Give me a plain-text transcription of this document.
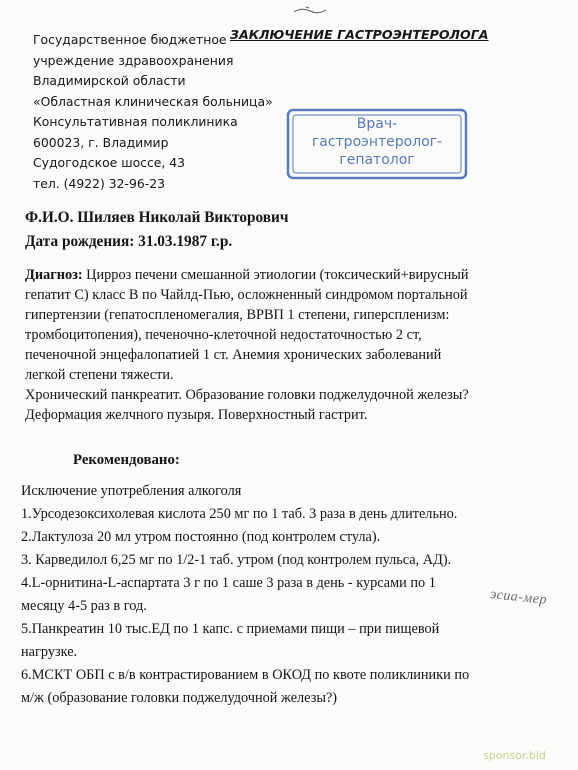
Государственное бюджетное
учреждение здравоохранения
Владимирской области
«Областная клиническая больница»
Консультативная поликлиника
600023, г. Владимир
Судогодское шоссе, 43
тел. (4922) 32-96-23
ЗАКЛЮЧЕНИЕ ГАСТРОЭНТЕРОЛОГА
Врач-
гастроэнтеролог-
гепатолог
Ф.И.О. Шиляев Николай Викторович
Дата рождения: 31.03.1987 г.р.
Диагноз: Цирроз печени смешанной этиологии (токсический+вирусный
гепатит С) класс В по Чайлд-Пью, осложненный синдромом портальной
гипертензии (гепатоспленомегалия, ВРВП 1 степени, гиперспленизм:
тромбоцитопения), печеночно-клеточной недостаточностью 2 ст,
печеночной энцефалопатией 1 ст. Анемия хронических заболеваний
легкой степени тяжести.
Хронический панкреатит. Образование головки поджелудочной железы?
Деформация желчного пузыря. Поверхностный гастрит.
Рекомендовано:
Исключение употребления алкоголя
1.Урсодезоксихолевая кислота 250 мг по 1 таб. 3 раза в день длительно.
2.Лактулоза 20 мл утром постоянно (под контролем стула).
3. Карведилол 6,25 мг по 1/2-1 таб. утром (под контролем пульса, АД).
4.L-орнитина-L-аспартата 3 г по 1 саше 3 раза в день - курсами по 1
месяцу 4-5 раз в год.
5.Панкреатин 10 тыс.ЕД по 1 капс. с приемами пищи – при пищевой
нагрузке.
6.МСКТ ОБП с в/в контрастированием в ОКОД по квоте поликлиники по
м/ж (образование головки поджелудочной железы?)
эсиа-мер
sponsor.bid
